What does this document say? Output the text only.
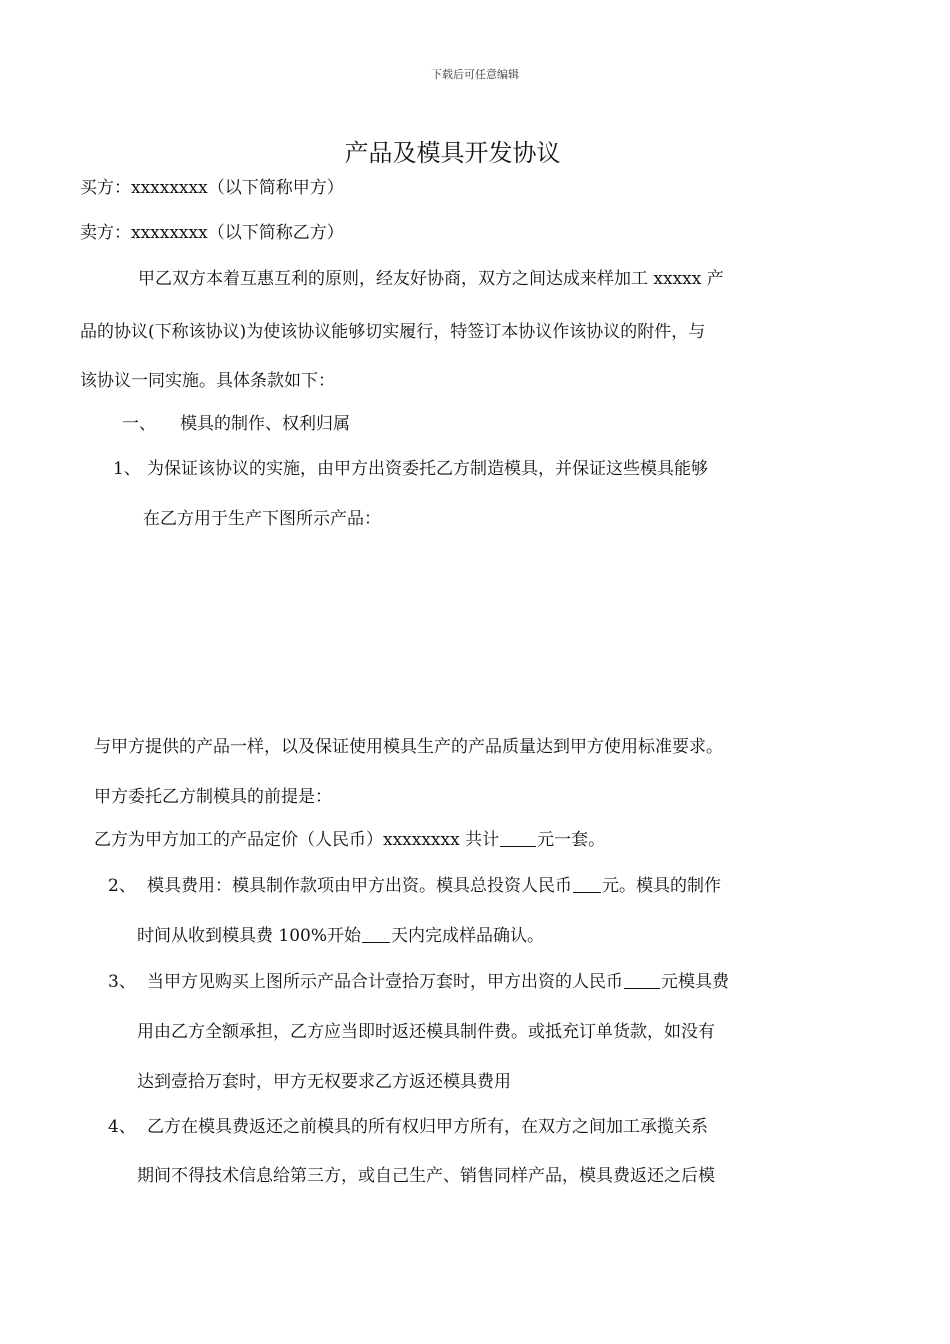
下载后可任意编辑
产品及模具开发协议
买方：xxxxxxxx（以下简称甲方）
卖方：xxxxxxxx（以下简称乙方）
甲乙双方本着互惠互利的原则，经友好协商，双方之间达成来样加工 xxxxx 产
品的协议(下称该协议)为使该协议能够切实履行，特签订本协议作该协议的附件，与
该协议一同实施。具体条款如下：
一、 模具的制作、权利归属
1、 为保证该协议的实施，由甲方出资委托乙方制造模具，并保证这些模具能够
在乙方用于生产下图所示产品：
与甲方提供的产品一样，以及保证使用模具生产的产品质量达到甲方使用标准要求。
甲方委托乙方制模具的前提是：
乙方为甲方加工的产品定价（人民币）xxxxxxxx 共计 元一套。
2、 模具费用：模具制作款项由甲方出资。模具总投资人民币 元。模具的制作
时间从收到模具费 100%开始 天内完成样品确认。
3、 当甲方见购买上图所示产品合计壹拾万套时，甲方出资的人民币 元模具费
用由乙方全额承担，乙方应当即时返还模具制件费。或抵充订单货款，如没有
达到壹拾万套时，甲方无权要求乙方返还模具费用
4、 乙方在模具费返还之前模具的所有权归甲方所有，在双方之间加工承揽关系
期间不得技术信息给第三方，或自己生产、销售同样产品，模具费返还之后模
